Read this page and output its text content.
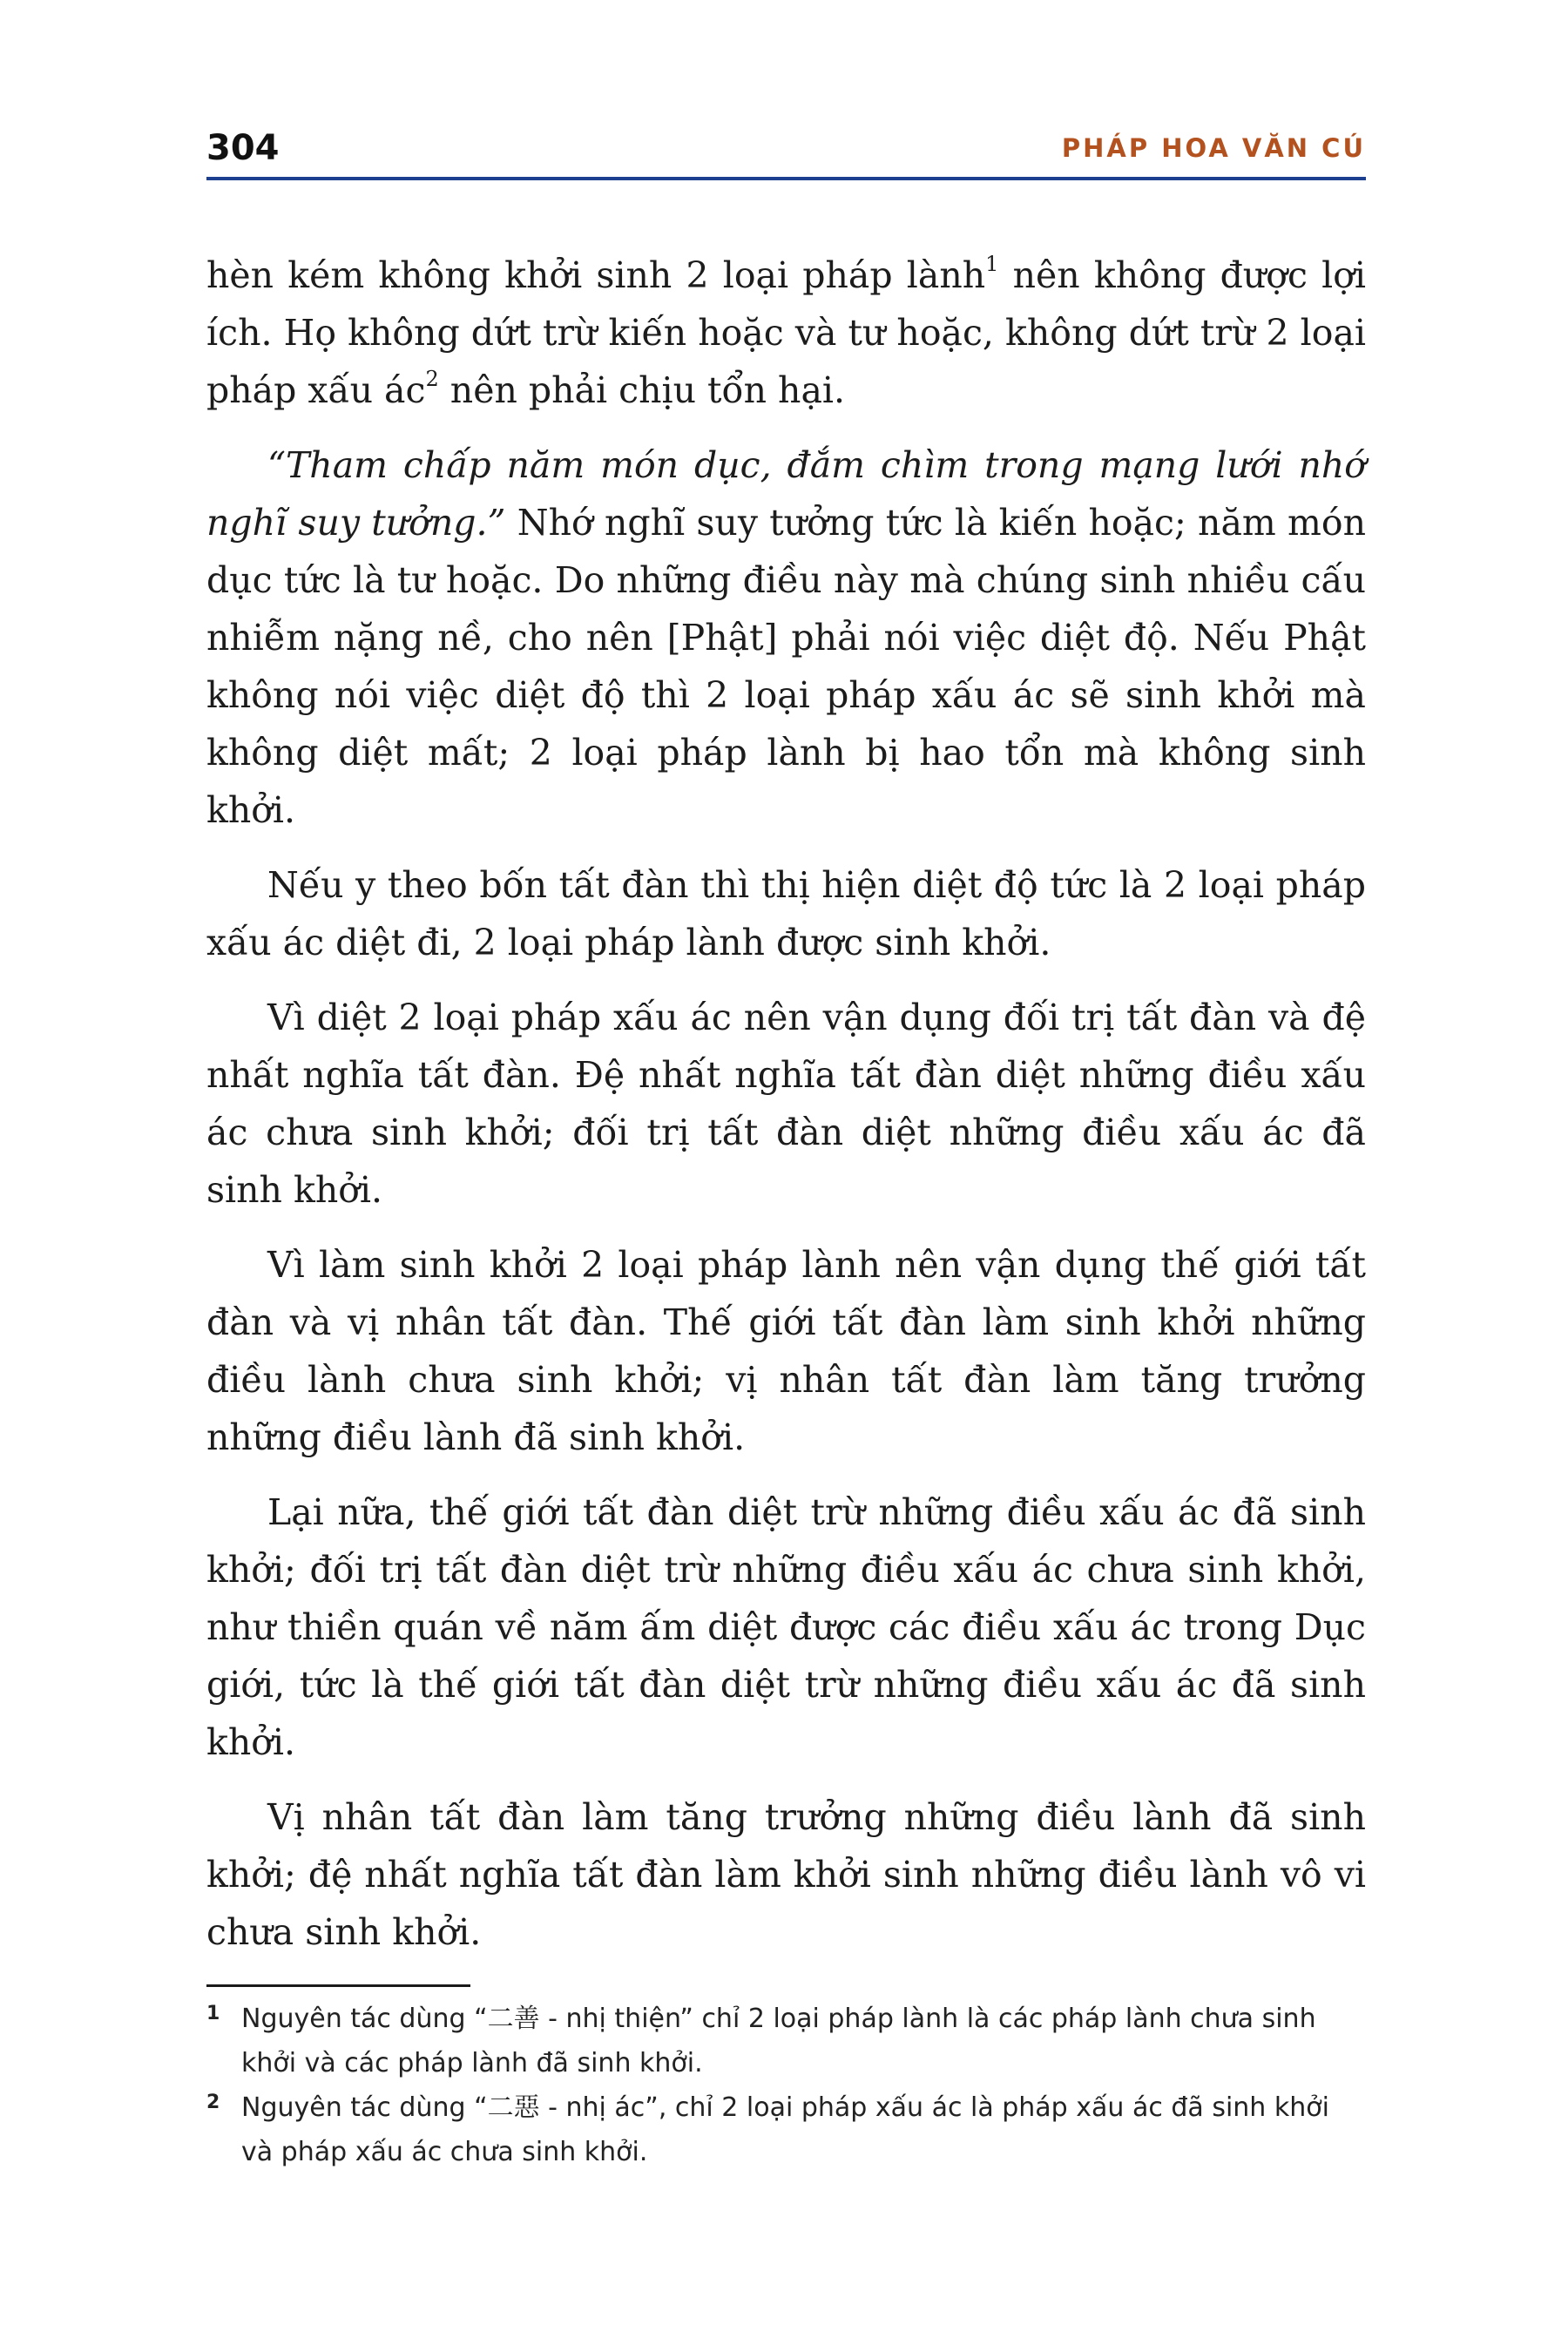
304	PHÁP HOA VĂN CÚ

hèn kém không khởi sinh 2 loại pháp lành$^1$ nên không được lợi ích. Họ không dứt trừ kiến hoặc và tư hoặc, không dứt trừ 2 loại pháp xấu $ác^2$ nên phải chịu tổn hại.

“Tham chấp năm món dục, đắm chìm trong mạng lưới nhớ nghĩ suy tưởng.” Nhớ nghĩ suy tưởng tức là kiến hoặc; năm món dục tức là tư hoặc. Do những điều này mà chúng sinh nhiều cấu nhiễm nặng nề, cho nên [Phật] phải nói việc diệt độ. Nếu Phật không nói việc diệt độ thì 2 loại pháp xấu ác sẽ sinh khởi mà không diệt mất; 2 loại pháp lành bị hao tổn mà không sinh khởi.

Nếu y theo bốn tất đàn thì thị hiện diệt độ tức là 2 loại pháp xấu ác diệt đi, 2 loại pháp lành được sinh khởi.

Vì diệt 2 loại pháp xấu ác nên vận dụng đối trị tất đàn và đệ nhất nghĩa tất đàn. Đệ nhất nghĩa tất đàn diệt những điều xấu ác chưa sinh khởi; đối trị tất đàn diệt những điều xấu ác đã sinh khởi.

Vì làm sinh khởi 2 loại pháp lành nên vận dụng thế giới tất đàn và vị nhân tất đàn. Thế giới tất đàn làm sinh khởi những điều lành chưa sinh khởi; vị nhân tất đàn làm tăng trưởng những điều lành đã sinh khởi.

Lại nữa, thế giới tất đàn diệt trừ những điều xấu ác đã sinh khởi; đối trị tất đàn diệt trừ những điều xấu ác chưa sinh khởi, như thiền quán về năm ấm diệt được các điều xấu ác trong Dục giới, tức là thế giới tất đàn diệt trừ những điều xấu ác đã sinh khởi.

Vị nhân tất đàn làm tăng trưởng những điều lành đã sinh khởi; đệ nhất nghĩa tất đàn làm khởi sinh những điều lành vô vi chưa sinh khởi.

1 Nguyên tác dùng “二善 - nhị thiện” chỉ 2 loại pháp lành là các pháp lành chưa sinh khởi và các pháp lành đã sinh khởi.

2 Nguyên tác dùng “二惡 - nhị ác”, chỉ 2 loại pháp xấu ác là pháp xấu ác đã sinh khởi và pháp xấu ác chưa sinh khởi.
